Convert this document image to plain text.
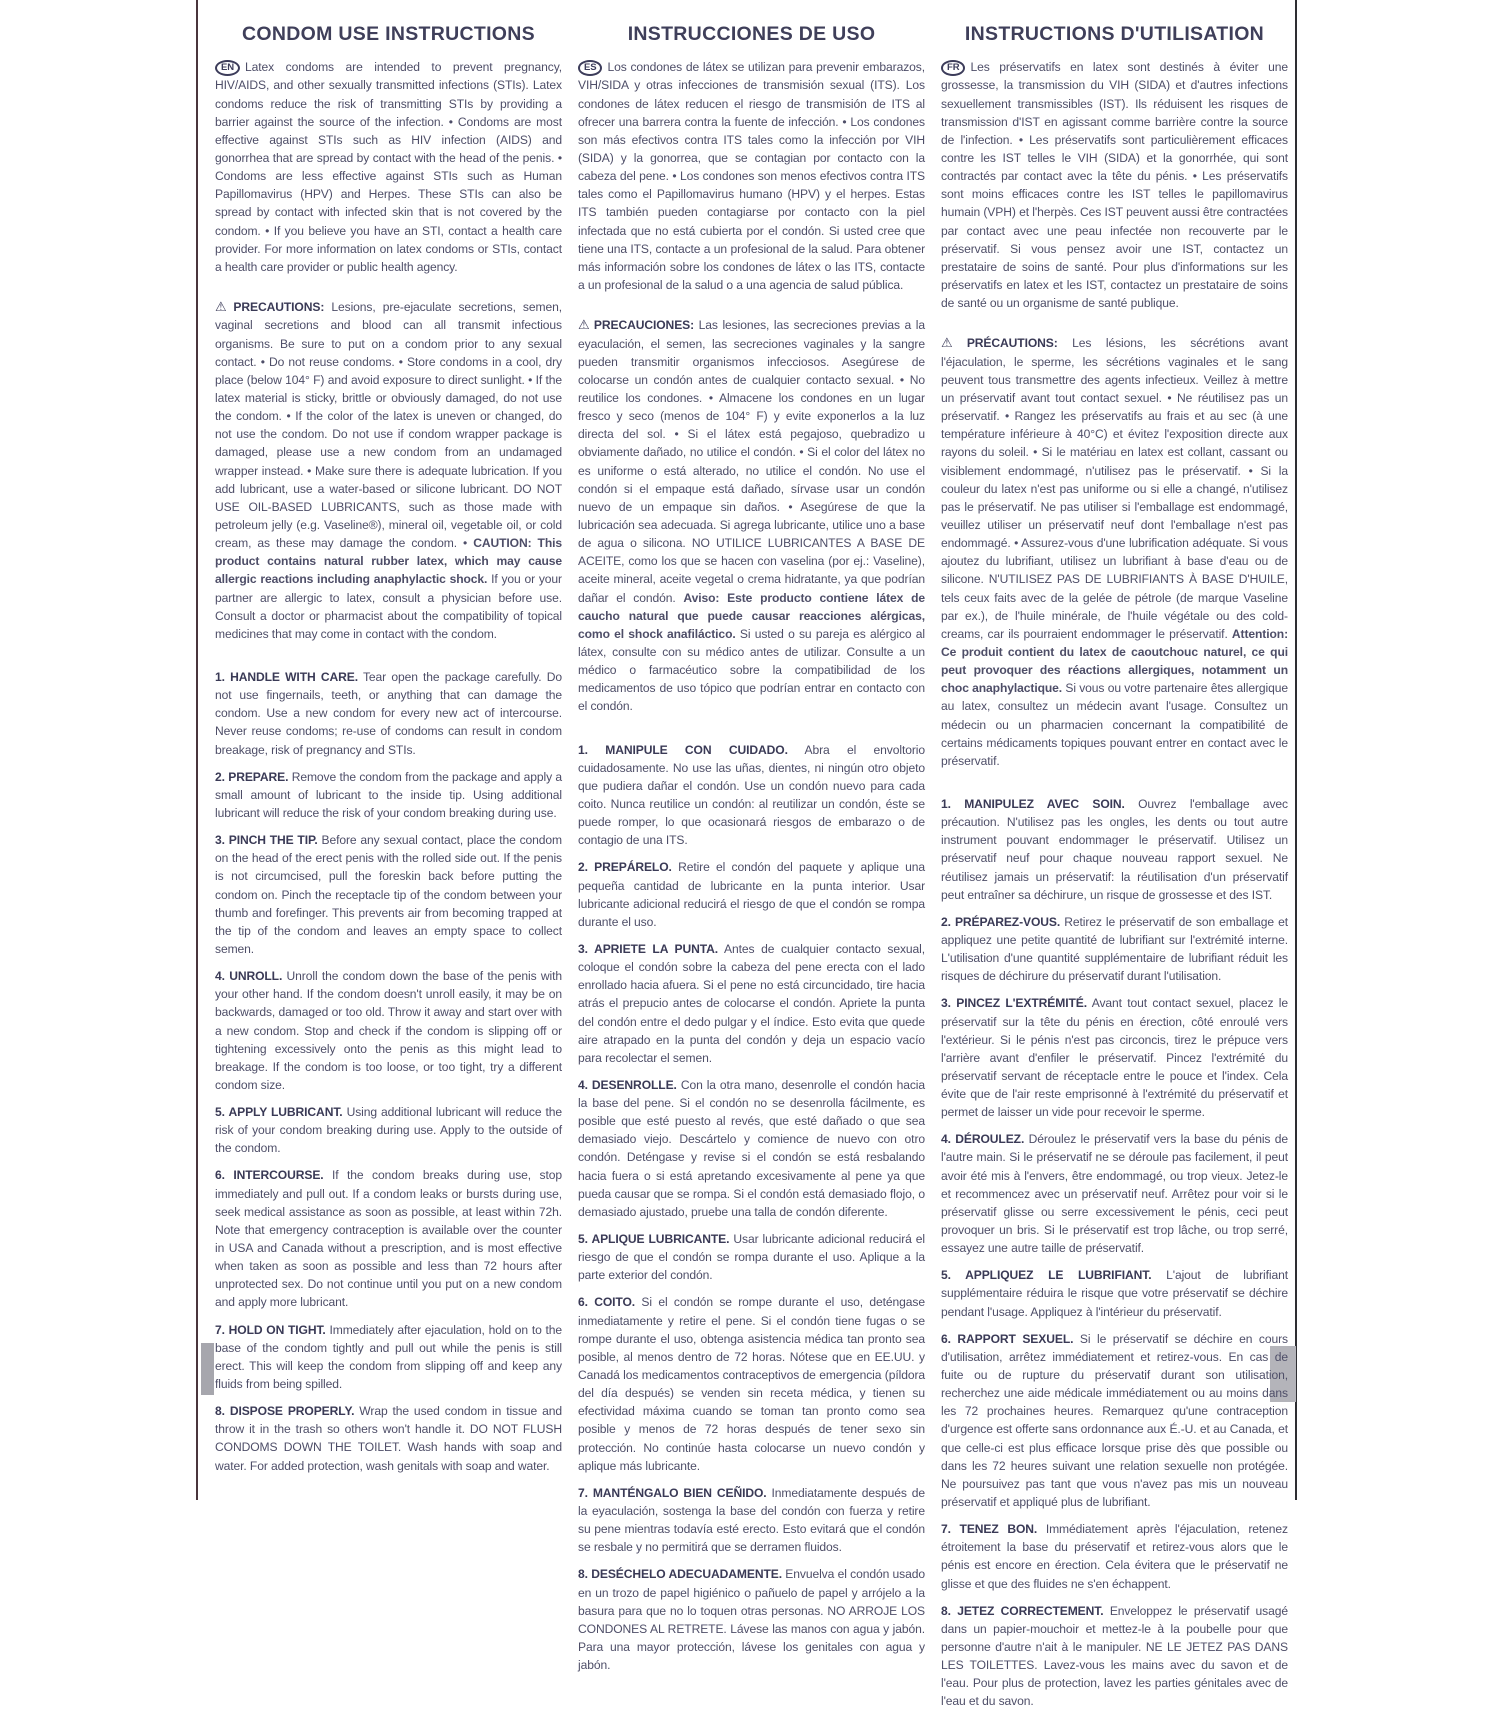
CONDOM USE INSTRUCTIONS

EN Latex condoms are intended to prevent pregnancy, HIV/AIDS, and other sexually transmitted infections (STIs). Latex condoms reduce the risk of transmitting STIs by providing a barrier against the source of the infection. • Condoms are most effective against STIs such as HIV infection (AIDS) and gonorrhea that are spread by contact with the head of the penis. • Condoms are less effective against STIs such as Human Papillomavirus (HPV) and Herpes. These STIs can also be spread by contact with infected skin that is not covered by the condom. • If you believe you have an STI, contact a health care provider. For more information on latex condoms or STIs, contact a health care provider or public health agency.

⚠ PRECAUTIONS: Lesions, pre-ejaculate secretions, semen, vaginal secretions and blood can all transmit infectious organisms. Be sure to put on a condom prior to any sexual contact. • Do not reuse condoms. • Store condoms in a cool, dry place (below 104° F) and avoid exposure to direct sunlight. • If the latex material is sticky, brittle or obviously damaged, do not use the condom. • If the color of the latex is uneven or changed, do not use the condom. Do not use if condom wrapper package is damaged, please use a new condom from an undamaged wrapper instead. • Make sure there is adequate lubrication. If you add lubricant, use a water-based or silicone lubricant. DO NOT USE OIL-BASED LUBRICANTS, such as those made with petroleum jelly (e.g. Vaseline®), mineral oil, vegetable oil, or cold cream, as these may damage the condom. • CAUTION: This product contains natural rubber latex, which may cause allergic reactions including anaphylactic shock. If you or your partner are allergic to latex, consult a physician before use. Consult a doctor or pharmacist about the compatibility of topical medicines that may come in contact with the condom.

1. HANDLE WITH CARE. Tear open the package carefully. Do not use fingernails, teeth, or anything that can damage the condom. Use a new condom for every new act of intercourse. Never reuse condoms; re-use of condoms can result in condom breakage, risk of pregnancy and STIs.

2. PREPARE. Remove the condom from the package and apply a small amount of lubricant to the inside tip. Using additional lubricant will reduce the risk of your condom breaking during use.

3. PINCH THE TIP. Before any sexual contact, place the condom on the head of the erect penis with the rolled side out. If the penis is not circumcised, pull the foreskin back before putting the condom on. Pinch the receptacle tip of the condom between your thumb and forefinger. This prevents air from becoming trapped at the tip of the condom and leaves an empty space to collect semen.

4. UNROLL. Unroll the condom down the base of the penis with your other hand. If the condom doesn't unroll easily, it may be on backwards, damaged or too old. Throw it away and start over with a new condom. Stop and check if the condom is slipping off or tightening excessively onto the penis as this might lead to breakage. If the condom is too loose, or too tight, try a different condom size.

5. APPLY LUBRICANT. Using additional lubricant will reduce the risk of your condom breaking during use. Apply to the outside of the condom.

6. INTERCOURSE. If the condom breaks during use, stop immediately and pull out. If a condom leaks or bursts during use, seek medical assistance as soon as possible, at least within 72h. Note that emergency contraception is available over the counter in USA and Canada without a prescription, and is most effective when taken as soon as possible and less than 72 hours after unprotected sex. Do not continue until you put on a new condom and apply more lubricant.

7. HOLD ON TIGHT. Immediately after ejaculation, hold on to the base of the condom tightly and pull out while the penis is still erect. This will keep the condom from slipping off and keep any fluids from being spilled.

8. DISPOSE PROPERLY. Wrap the used condom in tissue and throw it in the trash so others won't handle it. DO NOT FLUSH CONDOMS DOWN THE TOILET. Wash hands with soap and water. For added protection, wash genitals with soap and water.

INSTRUCCIONES DE USO

ES Los condones de látex se utilizan para prevenir embarazos, VIH/SIDA y otras infecciones de transmisión sexual (ITS). Los condones de látex reducen el riesgo de transmisión de ITS al ofrecer una barrera contra la fuente de infección. • Los condones son más efectivos contra ITS tales como la infección por VIH (SIDA) y la gonorrea, que se contagian por contacto con la cabeza del pene. • Los condones son menos efectivos contra ITS tales como el Papillomavirus humano (HPV) y el herpes. Estas ITS también pueden contagiarse por contacto con la piel infectada que no está cubierta por el condón. Si usted cree que tiene una ITS, contacte a un profesional de la salud. Para obtener más información sobre los condones de látex o las ITS, contacte a un profesional de la salud o a una agencia de salud pública.

⚠ PRECAUCIONES: Las lesiones, las secreciones previas a la eyaculación, el semen, las secreciones vaginales y la sangre pueden transmitir organismos infecciosos. Asegúrese de colocarse un condón antes de cualquier contacto sexual. • No reutilice los condones. • Almacene los condones en un lugar fresco y seco (menos de 104° F) y evite exponerlos a la luz directa del sol. • Si el látex está pegajoso, quebradizo u obviamente dañado, no utilice el condón. • Si el color del látex no es uniforme o está alterado, no utilice el condón. No use el condón si el empaque está dañado, sírvase usar un condón nuevo de un empaque sin daños. • Asegúrese de que la lubricación sea adecuada. Si agrega lubricante, utilice uno a base de agua o silicona. NO UTILICE LUBRICANTES A BASE DE ACEITE, como los que se hacen con vaselina (por ej.: Vaseline), aceite mineral, aceite vegetal o crema hidratante, ya que podrían dañar el condón. Aviso: Este producto contiene látex de caucho natural que puede causar reacciones alérgicas, como el shock anafiláctico. Si usted o su pareja es alérgico al látex, consulte con su médico antes de utilizar. Consulte a un médico o farmacéutico sobre la compatibilidad de los medicamentos de uso tópico que podrían entrar en contacto con el condón.

1. MANIPULE CON CUIDADO. Abra el envoltorio cuidadosamente. No use las uñas, dientes, ni ningún otro objeto que pudiera dañar el condón. Use un condón nuevo para cada coito. Nunca reutilice un condón: al reutilizar un condón, éste se puede romper, lo que ocasionará riesgos de embarazo o de contagio de una ITS.

2. PREPÁRELO. Retire el condón del paquete y aplique una pequeña cantidad de lubricante en la punta interior. Usar lubricante adicional reducirá el riesgo de que el condón se rompa durante el uso.

3. APRIETE LA PUNTA. Antes de cualquier contacto sexual, coloque el condón sobre la cabeza del pene erecta con el lado enrollado hacia afuera. Si el pene no está circuncidado, tire hacia atrás el prepucio antes de colocarse el condón. Apriete la punta del condón entre el dedo pulgar y el índice. Esto evita que quede aire atrapado en la punta del condón y deja un espacio vacío para recolectar el semen.

4. DESENROLLE. Con la otra mano, desenrolle el condón hacia la base del pene. Si el condón no se desenrolla fácilmente, es posible que esté puesto al revés, que esté dañado o que sea demasiado viejo. Descártelo y comience de nuevo con otro condón. Deténgase y revise si el condón se está resbalando hacia fuera o si está apretando excesivamente al pene ya que pueda causar que se rompa. Si el condón está demasiado flojo, o demasiado ajustado, pruebe una talla de condón diferente.

5. APLIQUE LUBRICANTE. Usar lubricante adicional reducirá el riesgo de que el condón se rompa durante el uso. Aplique a la parte exterior del condón.

6. COITO. Si el condón se rompe durante el uso, deténgase inmediatamente y retire el pene. Si el condón tiene fugas o se rompe durante el uso, obtenga asistencia médica tan pronto sea posible, al menos dentro de 72 horas. Nótese que en EE.UU. y Canadá los medicamentos contraceptivos de emergencia (píldora del día después) se venden sin receta médica, y tienen su efectividad máxima cuando se toman tan pronto como sea posible y menos de 72 horas después de tener sexo sin protección. No continúe hasta colocarse un nuevo condón y aplique más lubricante.

7. MANTÉNGALO BIEN CEÑIDO. Inmediatamente después de la eyaculación, sostenga la base del condón con fuerza y retire su pene mientras todavía esté erecto. Esto evitará que el condón se resbale y no permitirá que se derramen fluidos.

8. DESÉCHELO ADECUADAMENTE. Envuelva el condón usado en un trozo de papel higiénico o pañuelo de papel y arrójelo a la basura para que no lo toquen otras personas. NO ARROJE LOS CONDONES AL RETRETE. Lávese las manos con agua y jabón. Para una mayor protección, lávese los genitales con agua y jabón.

INSTRUCTIONS D'UTILISATION

FR Les préservatifs en latex sont destinés à éviter une grossesse, la transmission du VIH (SIDA) et d'autres infections sexuellement transmissibles (IST). Ils réduisent les risques de transmission d'IST en agissant comme barrière contre la source de l'infection. • Les préservatifs sont particulièrement efficaces contre les IST telles le VIH (SIDA) et la gonorrhée, qui sont contractés par contact avec la tête du pénis. • Les préservatifs sont moins efficaces contre les IST telles le papillomavirus humain (VPH) et l'herpès. Ces IST peuvent aussi être contractées par contact avec une peau infectée non recouverte par le préservatif. Si vous pensez avoir une IST, contactez un prestataire de soins de santé. Pour plus d'informations sur les préservatifs en latex et les IST, contactez un prestataire de soins de santé ou un organisme de santé publique.

⚠ PRÉCAUTIONS: Les lésions, les sécrétions avant l'éjaculation, le sperme, les sécrétions vaginales et le sang peuvent tous transmettre des agents infectieux. Veillez à mettre un préservatif avant tout contact sexuel. • Ne réutilisez pas un préservatif. • Rangez les préservatifs au frais et au sec (à une température inférieure à 40°C) et évitez l'exposition directe aux rayons du soleil. • Si le matériau en latex est collant, cassant ou visiblement endommagé, n'utilisez pas le préservatif. • Si la couleur du latex n'est pas uniforme ou si elle a changé, n'utilisez pas le préservatif. Ne pas utiliser si l'emballage est endommagé, veuillez utiliser un préservatif neuf dont l'emballage n'est pas endommagé. • Assurez-vous d'une lubrification adéquate. Si vous ajoutez du lubrifiant, utilisez un lubrifiant à base d'eau ou de silicone. N'UTILISEZ PAS DE LUBRIFIANTS À BASE D'HUILE, tels ceux faits avec de la gelée de pétrole (de marque Vaseline par ex.), de l'huile minérale, de l'huile végétale ou des cold-creams, car ils pourraient endommager le préservatif. Attention: Ce produit contient du latex de caoutchouc naturel, ce qui peut provoquer des réactions allergiques, notamment un choc anaphylactique. Si vous ou votre partenaire êtes allergique au latex, consultez un médecin avant l'usage. Consultez un médecin ou un pharmacien concernant la compatibilité de certains médicaments topiques pouvant entrer en contact avec le préservatif.

1. MANIPULEZ AVEC SOIN. Ouvrez l'emballage avec précaution. N'utilisez pas les ongles, les dents ou tout autre instrument pouvant endommager le préservatif. Utilisez un préservatif neuf pour chaque nouveau rapport sexuel. Ne réutilisez jamais un préservatif: la réutilisation d'un préservatif peut entraîner sa déchirure, un risque de grossesse et des IST.

2. PRÉPAREZ-VOUS. Retirez le préservatif de son emballage et appliquez une petite quantité de lubrifiant sur l'extrémité interne. L'utilisation d'une quantité supplémentaire de lubrifiant réduit les risques de déchirure du préservatif durant l'utilisation.

3. PINCEZ L'EXTRÉMITÉ. Avant tout contact sexuel, placez le préservatif sur la tête du pénis en érection, côté enroulé vers l'extérieur. Si le pénis n'est pas circoncis, tirez le prépuce vers l'arrière avant d'enfiler le préservatif. Pincez l'extrémité du préservatif servant de réceptacle entre le pouce et l'index. Cela évite que de l'air reste emprisonné à l'extrémité du préservatif et permet de laisser un vide pour recevoir le sperme.

4. DÉROULEZ. Déroulez le préservatif vers la base du pénis de l'autre main. Si le préservatif ne se déroule pas facilement, il peut avoir été mis à l'envers, être endommagé, ou trop vieux. Jetez-le et recommencez avec un préservatif neuf. Arrêtez pour voir si le préservatif glisse ou serre excessivement le pénis, ceci peut provoquer un bris. Si le préservatif est trop lâche, ou trop serré, essayez une autre taille de préservatif.

5. APPLIQUEZ LE LUBRIFIANT. L'ajout de lubrifiant supplémentaire réduira le risque que votre préservatif se déchire pendant l'usage. Appliquez à l'intérieur du préservatif.

6. RAPPORT SEXUEL. Si le préservatif se déchire en cours d'utilisation, arrêtez immédiatement et retirez-vous. En cas de fuite ou de rupture du préservatif durant son utilisation, recherchez une aide médicale immédiatement ou au moins dans les 72 prochaines heures. Remarquez qu'une contraception d'urgence est offerte sans ordonnance aux É.-U. et au Canada, et que celle-ci est plus efficace lorsque prise dès que possible ou dans les 72 heures suivant une relation sexuelle non protégée. Ne poursuivez pas tant que vous n'avez pas mis un nouveau préservatif et appliqué plus de lubrifiant.

7. TENEZ BON. Immédiatement après l'éjaculation, retenez étroitement la base du préservatif et retirez-vous alors que le pénis est encore en érection. Cela évitera que le préservatif ne glisse et que des fluides ne s'en échappent.

8. JETEZ CORRECTEMENT. Enveloppez le préservatif usagé dans un papier-mouchoir et mettez-le à la poubelle pour que personne d'autre n'ait à le manipuler. NE LE JETEZ PAS DANS LES TOILETTES. Lavez-vous les mains avec du savon et de l'eau. Pour plus de protection, lavez les parties génitales avec de l'eau et du savon.
